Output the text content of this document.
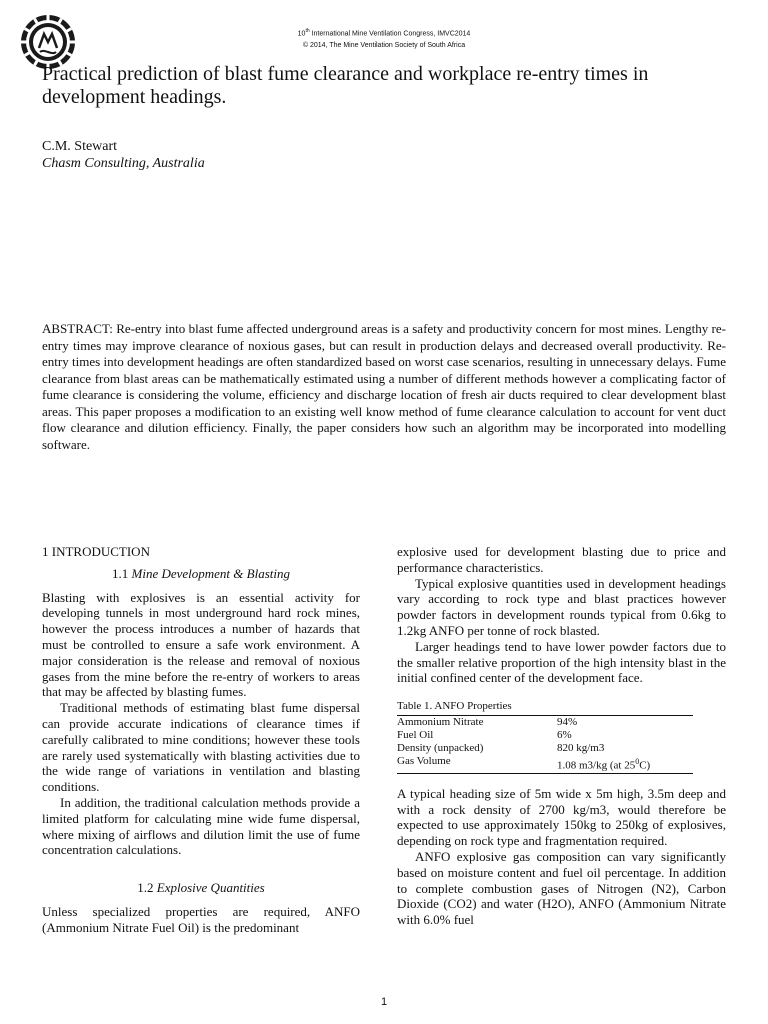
10th International Mine Ventilation Congress, IMVC2014
© 2014, The Mine Ventilation Society of South Africa
Practical prediction of blast fume clearance and workplace re-entry times in development headings.
C.M. Stewart
Chasm Consulting, Australia

ABSTRACT: Re-entry into blast fume affected underground areas is a safety and productivity concern for most mines. Lengthy re-entry times may improve clearance of noxious gases, but can result in production delays and decreased overall productivity. Re-entry times into development headings are often standardized based on worst case scenarios, resulting in unnecessary delays. Fume clearance from blast areas can be mathematically estimated using a number of different methods however a complicating factor of fume clearance is considering the volume, efficiency and discharge location of fresh air ducts required to clear development blast areas. This paper proposes a modification to an existing well know method of fume clearance calculation to account for vent duct flow clearance and dilution efficiency. Finally, the paper considers how such an algorithm may be incorporated into modelling software.

1 INTRODUCTION
1.1 Mine Development & Blasting

Blasting with explosives is an essential activity for developing tunnels in most underground hard rock mines, however the process introduces a number of hazards that must be controlled to ensure a safe work environment. A major consideration is the release and removal of noxious gases from the mine before the re-entry of workers to areas that may be affected by blasting fumes.

Traditional methods of estimating blast fume dispersal can provide accurate indications of clearance times if carefully calibrated to mine conditions; however these tools are rarely used systematically with blasting activities due to the wide range of variations in ventilation and blasting conditions.

In addition, the traditional calculation methods provide a limited platform for calculating mine wide fume dispersal, where mixing of airflows and dilution limit the use of fume concentration calculations.

1.2 Explosive Quantities

Unless specialized properties are required, ANFO (Ammonium Nitrate Fuel Oil) is the predominant

explosive used for development blasting due to price and performance characteristics.

Typical explosive quantities used in development headings vary according to rock type and blast practices however powder factors in development rounds typical from 0.6kg to 1.2kg ANFO per tonne of rock blasted.

Larger headings tend to have lower powder factors due to the smaller relative proportion of the high intensity blast in the initial confined center of the development face.

Table 1. ANFO Properties
Ammonium Nitrate	94%
Fuel Oil	6%
Density (unpacked)	820 kg/m3
Gas Volume	1.08 m3/kg (at $25^0C$)

A typical heading size of 5m wide x 5m high, 3.5m deep and with a rock density of 2700 kg/m3, would therefore be expected to use approximately 150kg to 250kg of explosives, depending on rock type and fragmentation required.

ANFO explosive gas composition can vary significantly based on moisture content and fuel oil percentage. In addition to complete combustion gases of Nitrogen (N2), Carbon Dioxide (CO2) and water (H2O), ANFO (Ammonium Nitrate with 6.0% fuel

1
